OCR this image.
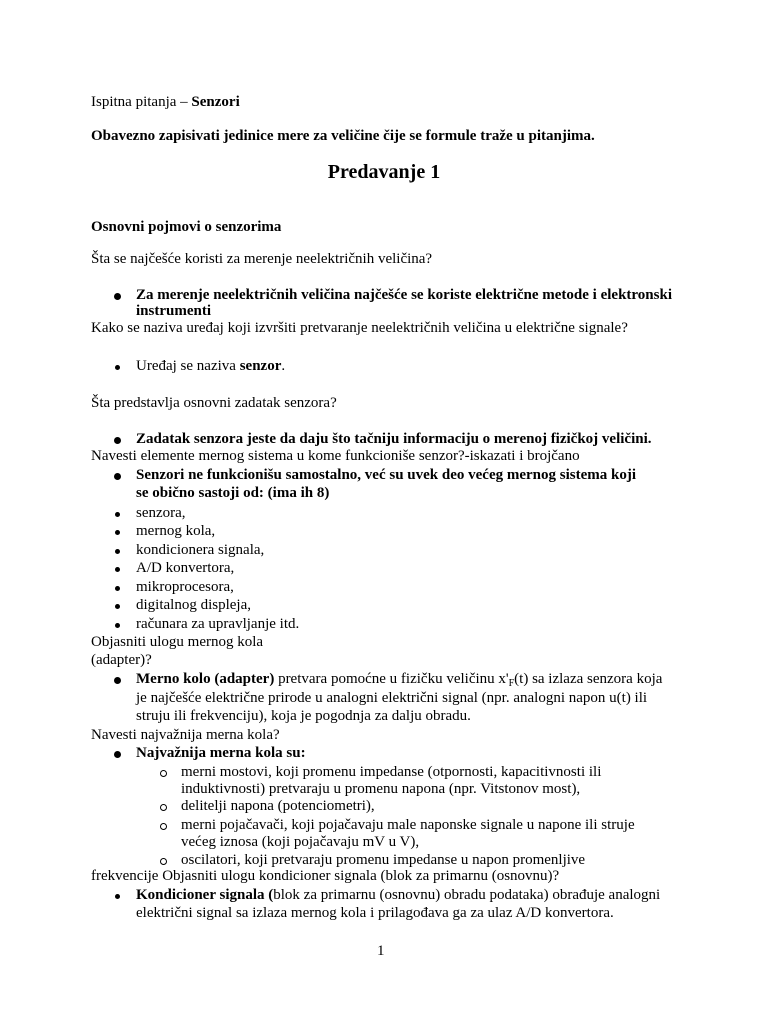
Ispitna pitanja – Senzori
Obavezno zapisivati jedinice mere za veličine čije se formule traže u pitanjima.
Predavanje 1
Osnovni pojmovi o senzorima
Šta se najčešće koristi za merenje neelektričnih veličina?
Za merenje neelektričnih veličina najčešće se koriste električne metode i elektronski
instrumenti
Kako se naziva uređaj koji izvršiti pretvaranje neelektričnih veličina u električne signale?
Uređaj se naziva senzor.
Šta predstavlja osnovni zadatak senzora?
Zadatak senzora jeste da daju što tačniju informaciju o merenoj fizičkoj veličini.
Navesti elemente mernog sistema u kome funkcioniše senzor?-iskazati i brojčano
Senzori ne funkcionišu samostalno, već su uvek deo većeg mernog sistema koji
se obično sastoji od: (ima ih 8)
senzora,
mernog kola,
kondicionera signala,
A/D konvertora,
mikroprocesora,
digitalnog displeja,
računara za upravljanje itd.
Objasniti ulogu mernog kola
(adapter)?
Merno kolo (adapter) pretvara pomoćne u fizičku veličinu $x'_F(t)$ sa izlaza senzora koja
je najčešće električne prirode u analogni električni signal (npr. analogni napon u(t) ili
struju ili frekvenciju), koja je pogodnja za dalju obradu.
Navesti najvažnija merna kola?
Najvažnija merna kola su:
merni mostovi, koji promenu impedanse (otpornosti, kapacitivnosti ili
induktivnosti) pretvaraju u promenu napona (npr. Vitstonov most),
delitelji napona (potenciometri),
merni pojačavači, koji pojačavaju male naponske signale u napone ili struje
većeg iznosa (koji pojačavaju mV u V),
oscilatori, koji pretvaraju promenu impedanse u napon promenljive
frekvencije Objasniti ulogu kondicioner signala (blok za primarnu (osnovnu)?
Kondicioner signala (blok za primarnu (osnovnu) obradu podataka) obrađuje analogni
električni signal sa izlaza mernog kola i prilagođava ga za ulaz A/D konvertora.
1
